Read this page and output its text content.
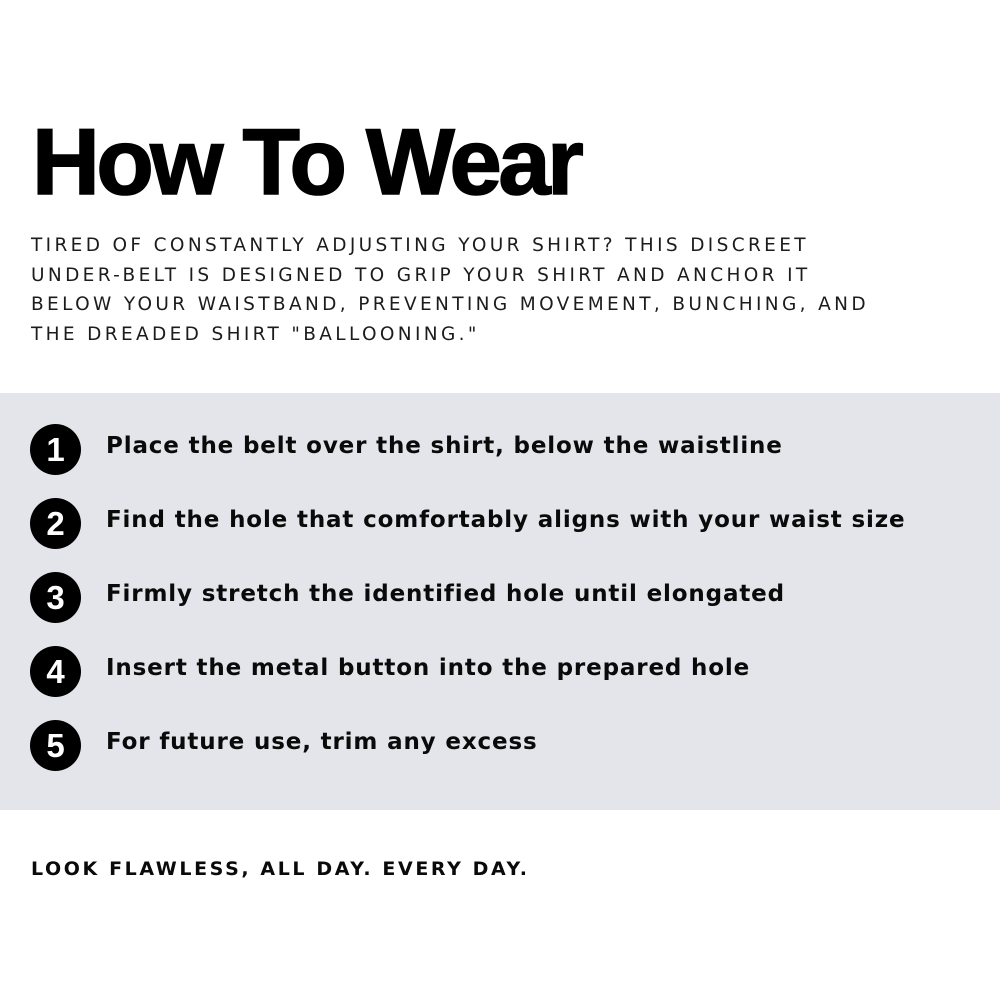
How To Wear

TIRED OF CONSTANTLY ADJUSTING YOUR SHIRT? THIS DISCREET
UNDER-BELT IS DESIGNED TO GRIP YOUR SHIRT AND ANCHOR IT
BELOW YOUR WAISTBAND, PREVENTING MOVEMENT, BUNCHING, AND
THE DREADED SHIRT "BALLOONING."

1	Place the belt over the shirt, below the waistline
2	Find the hole that comfortably aligns with your waist size
3	Firmly stretch the identified hole until elongated
4	Insert the metal button into the prepared hole
5	For future use, trim any excess

LOOK FLAWLESS, ALL DAY. EVERY DAY.
